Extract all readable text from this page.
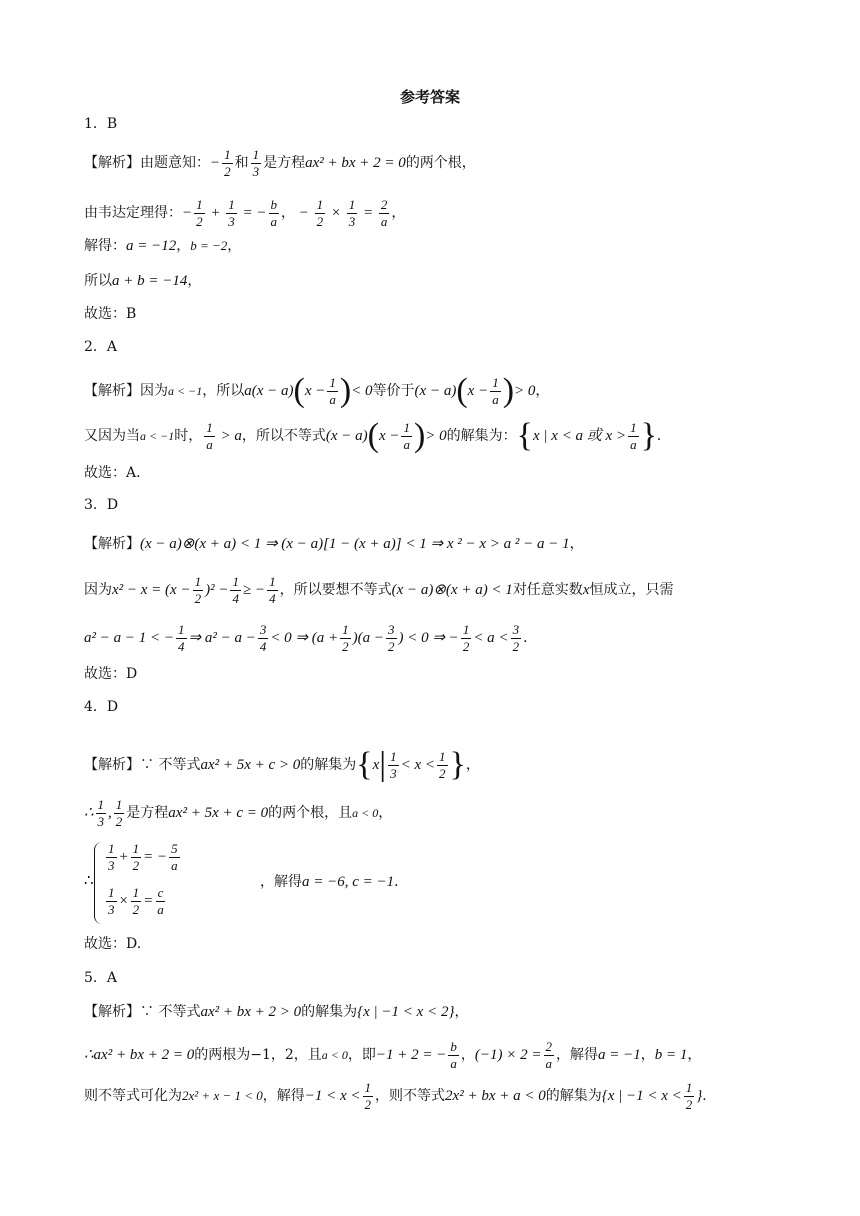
参考答案
1．B
【解析】由题意知：− $\frac{1}{2}$ 和 $\frac{1}{3}$ 是方程ax² + bx + 2 = 0的两个根，
由韦达定理得：− $\frac{1}{2} + \frac{1}{3}$ = − $\frac{b}{a}$ ， − $\frac{1}{2} \times \frac{1}{3} = \frac{2}{a}$ ，
解得：a = −12，b = −2，
所以a + b = −14，
故选：B
2．A
【解析】因为a < −1，所以$a(x - a)(x - \frac{1}{a}$ )< 0等价于$(x - a)(x - \frac{1}{a}$ )> 0，
又因为当a < −1时， $\frac{1}{a} > a$，所以不等式$(x - a)(x - \frac{1}{a}$ )> 0的解集为：{x | x < a 或 $x > \frac{1}{a}$ }．
故选：A．
3．D
【解析】(x − a)⊗(x + a) < 1 ⇒ (x − a)[1 − (x + a)] < 1 ⇒ x ² − x > a ² − a − 1，
因为$x^2 - x = (x - \frac{1}{2} )^2 - \frac{1}{4}$ ≥ − $\frac{1}{4}$ ，所以要想不等式(x − a)⊗(x + a) < 1对任意实数x恒成立，只需
a² − a − 1 < − $\frac{1}{4}$ ⇒ $a^2 - a - \frac{3}{4} < 0$ ⇒ $(a + \frac{1}{2} )(a - \frac{3}{2}$ ) < 0 ⇒ − $\frac{1}{2} < a < \frac{3}{2}$ ．
故选：D
4．D
【解析】∵ 不等式ax² + 5x + c > 0的解集为{$x| \frac{1}{3} < x < \frac{1}{2}$ }，
∴ $\frac{1}{3}$ , $\frac{1}{2}$ 是方程ax² + 5x + c = 0的两个根，且a < 0，
∴
$\frac{1}{3} + \frac{1}{2}$ = − $\frac{5}{a}$
$\frac{1}{3} \times \frac{1}{2} = \frac{c}{a}$
，解得a = −6, c = −1．
故选：D.
5．A
【解析】∵ 不等式ax² + bx + 2 > 0的解集为{x | −1 < x < 2}，
∴ax² + bx + 2 = 0的两根为−1，2，且a < 0，即−1 + 2 = − $\frac{b}{a}$ ，$(-1) \times 2 = \frac{2}{a}$ ，解得a = −1，b = 1，
则不等式可化为2x² + x − 1 < 0，解得$-1 < x < \frac{1}{2}$ ，则不等式2x² + bx + a < 0的解集为{x | $-1 < x < \frac{1}{2}$ }．
